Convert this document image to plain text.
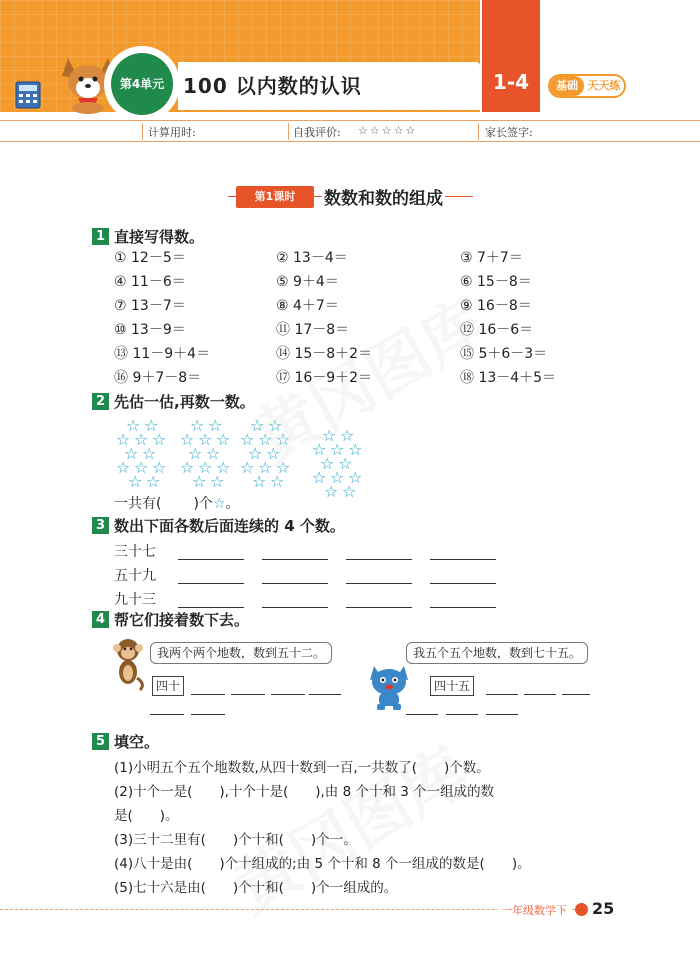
第4单元 100 以内数的认识	1-4	基础 天天练
计算用时:	自我评价: ☆☆☆☆☆	家长签字:
第1课时	数数和数的组成
1 直接写得数。
① 12－5＝	② 13－4＝	③ 7＋7＝
④ 11－6＝	⑤ 9＋4＝	⑥ 15－8＝
⑦ 13－7＝	⑧ 4＋7＝	⑨ 16－8＝
⑩ 13－9＝	⑪ 17－8＝	⑫ 16－6＝
⑬ 11－9＋4＝	⑭ 15－8＋2＝	⑮ 5＋6－3＝
⑯ 9＋7－8＝	⑰ 16－9＋2＝	⑱ 13－4＋5＝
2 先估一估,再数一数。
☆ ☆
☆ ☆ ☆
☆ ☆
☆ ☆ ☆
☆ ☆
☆ ☆
☆ ☆ ☆
☆ ☆
☆ ☆ ☆
☆ ☆
☆ ☆
☆ ☆ ☆
☆ ☆
☆ ☆ ☆
☆ ☆
☆ ☆
☆ ☆ ☆
☆ ☆
☆ ☆ ☆
☆ ☆
一共有( )个☆。
3 数出下面各数后面连续的 4 个数。
三十七
五十九
九十三
4 帮它们接着数下去。
我两个两个地数，数到五十二。
四十
我五个五个地数，数到七十五。
四十五
5 填空。
(1)小明五个五个地数数,从四十数到一百,一共数了(　　)个数。
(2)十个一是(　　),十个十是(　　),由 8 个十和 3 个一组成的数
是(　　)。
(3)三十二里有(　　)个十和(　　)个一。
(4)八十是由(　　)个十组成的;由 5 个十和 8 个一组成的数是(　　)。
(5)七十六是由(　　)个十和(　　)个一组成的。
一年级数学下 25
